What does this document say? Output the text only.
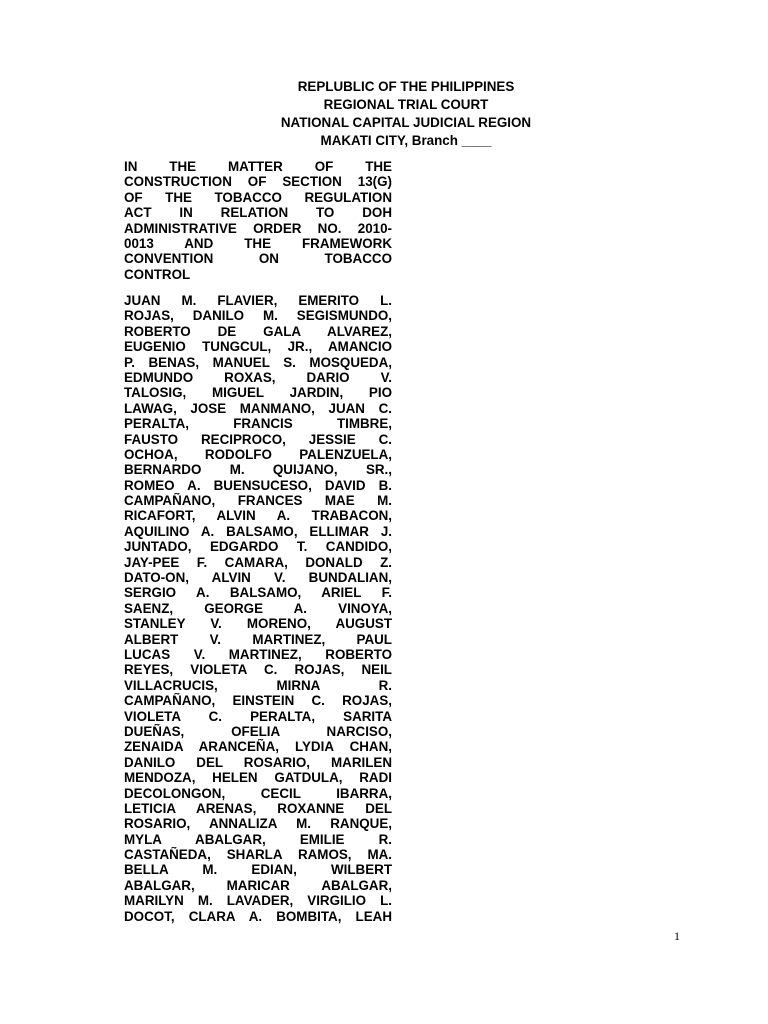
REPLUBLIC OF THE PHILIPPINES
REGIONAL TRIAL COURT
NATIONAL CAPITAL JUDICIAL REGION
MAKATI CITY, Branch ____
IN THE MATTER OF THE
CONSTRUCTION OF SECTION 13(G)
OF THE TOBACCO REGULATION
ACT IN RELATION TO DOH
ADMINISTRATIVE ORDER NO. 2010-
0013 AND THE FRAMEWORK
CONVENTION ON TOBACCO
CONTROL
JUAN M. FLAVIER, EMERITO L.
ROJAS, DANILO M. SEGISMUNDO,
ROBERTO DE GALA ALVAREZ,
EUGENIO TUNGCUL, JR., AMANCIO
P. BENAS, MANUEL S. MOSQUEDA,
EDMUNDO ROXAS, DARIO V.
TALOSIG, MIGUEL JARDIN, PIO
LAWAG, JOSE MANMANO, JUAN C.
PERALTA, FRANCIS TIMBRE,
FAUSTO RECIPROCO, JESSIE C.
OCHOA, RODOLFO PALENZUELA,
BERNARDO M. QUIJANO, SR.,
ROMEO A. BUENSUCESO, DAVID B.
CAMPAÑANO, FRANCES MAE M.
RICAFORT, ALVIN A. TRABACON,
AQUILINO A. BALSAMO, ELLIMAR J.
JUNTADO, EDGARDO T. CANDIDO,
JAY-PEE F. CAMARA, DONALD Z.
DATO-ON, ALVIN V. BUNDALIAN,
SERGIO A. BALSAMO, ARIEL F.
SAENZ, GEORGE A. VINOYA,
STANLEY V. MORENO, AUGUST
ALBERT V. MARTINEZ, PAUL
LUCAS V. MARTINEZ, ROBERTO
REYES, VIOLETA C. ROJAS, NEIL
VILLACRUCIS, MIRNA R.
CAMPAÑANO, EINSTEIN C. ROJAS,
VIOLETA C. PERALTA, SARITA
DUEÑAS, OFELIA NARCISO,
ZENAIDA ARANCEÑA, LYDIA CHAN,
DANILO DEL ROSARIO, MARILEN
MENDOZA, HELEN GATDULA, RADI
DECOLONGON, CECIL IBARRA,
LETICIA ARENAS, ROXANNE DEL
ROSARIO, ANNALIZA M. RANQUE,
MYLA ABALGAR, EMILIE R.
CASTAÑEDA, SHARLA RAMOS, MA.
BELLA M. EDIAN, WILBERT
ABALGAR, MARICAR ABALGAR,
MARILYN M. LAVADER, VIRGILIO L.
DOCOT, CLARA A. BOMBITA, LEAH
1
